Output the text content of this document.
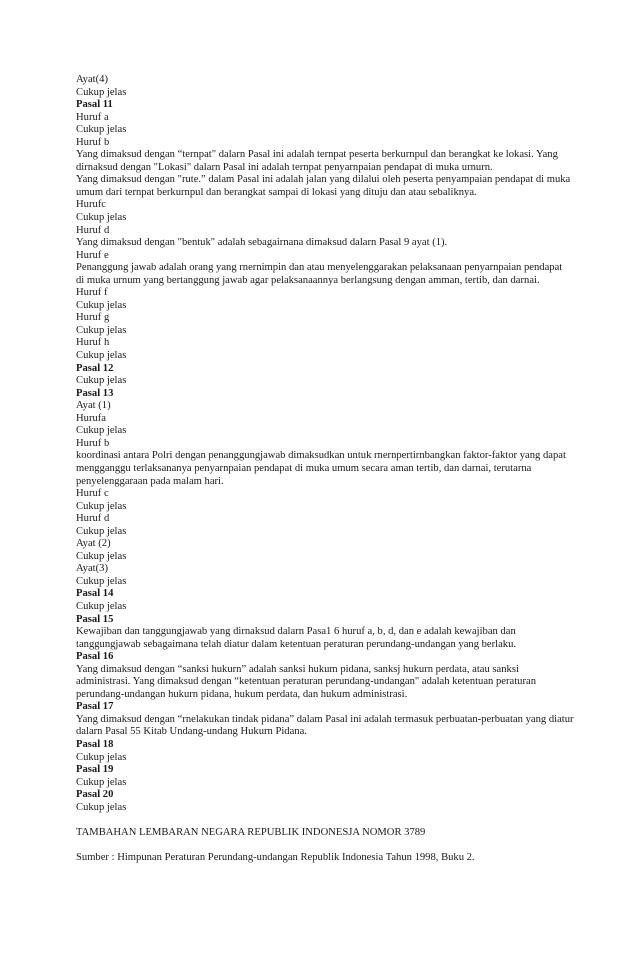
Ayat(4)
Cukup jelas
Pasal 11
Huruf a
Cukup jelas
Huruf b
Yang dimaksud dengan “ternpat" dalarn Pasal ini adalah ternpat peserta berkurnpul dan berangkat ke lokasi. Yang
dirnaksud dengan "Lokasi" dalarn Pasal ini adalah ternpat penyarnpaian pendapat di muka urnurn.
Yang dimaksud dengan "rute.” dalam Pasal ini adalah jalan yang dilalui oleh peserta penyampaian pendapat di muka
umum dari ternpat berkurnpul dan berangkat sampai di lokasi yang dituju dan atau sebaliknya.
Hurufc
Cukup jelas
Huruf d
Yang dimaksud dengan "bentuk" adalah sebagairnana dimaksud dalarn Pasal 9 ayat (1).
Huruf e
Penanggung jawab adalah orang yang rnernimpin dan atau menyelenggarakan pelaksanaan penyarnpaian pendapat
di muka urnum yang bertanggung jawab agar pelaksanaannya berlangsung dengan amman, tertib, dan darnai.
Huruf f
Cukup jelas
Huruf g
Cukup jelas
Huruf h
Cukup jelas
Pasal 12
Cukup jelas
Pasal 13
Ayat (1)
Hurufa
Cukup jelas
Huruf b
koordinasi antara Polri dengan penanggungjawab dimaksudkan untuk rnernpertirnbangkan faktor-faktor yang dapat
mengganggu terlaksananya penyarnpaian pendapat di muka umum secara aman tertib, dan darnai, terutarna
penyelenggaraan pada malam hari.
Huruf c
Cukup jelas
Huruf d
Cukup jelas
Ayat (2)
Cukup jelas
Ayat(3)
Cukup jelas
Pasal 14
Cukup jelas
Pasal 15
Kewajiban dan tanggungjawab yang dirnaksud dalarn Pasa1 6 huruf a, b, d, dan e adalah kewajiban dan
tanggungjawab sebagaimana telah diatur dalam ketentuan peraturan perundang-undangan yang berlaku.
Pasal 16
Yang dimaksud dengan “sanksi hukurn” adalah sanksi hukum pidana, sanksj hukurn perdata, atau sanksi
administrasi. Yang dimaksud dengan “ketentuan peraturan perundang-undangan" adalah ketentuan peraturan
perundang-undangan hukurn pidana, hukum perdata, dan hukum administrasi.
Pasal 17
Yang dimaksud dengan “rnelakukan tindak pidana” dalam Pasal ini adalah termasuk perbuatan-perbuatan yang diatur
dalarn Pasal 55 Kitab Undang-undang Hukurn Pidana.
Pasal 18
Cukup jelas
Pasal 19
Cukup jelas
Pasal 20
Cukup jelas
TAMBAHAN LEMBARAN NEGARA REPUBLIK INDONESJA NOMOR 3789
Sumber : Himpunan Peraturan Perundang-undangan Republik Indonesia Tahun 1998, Buku 2.
